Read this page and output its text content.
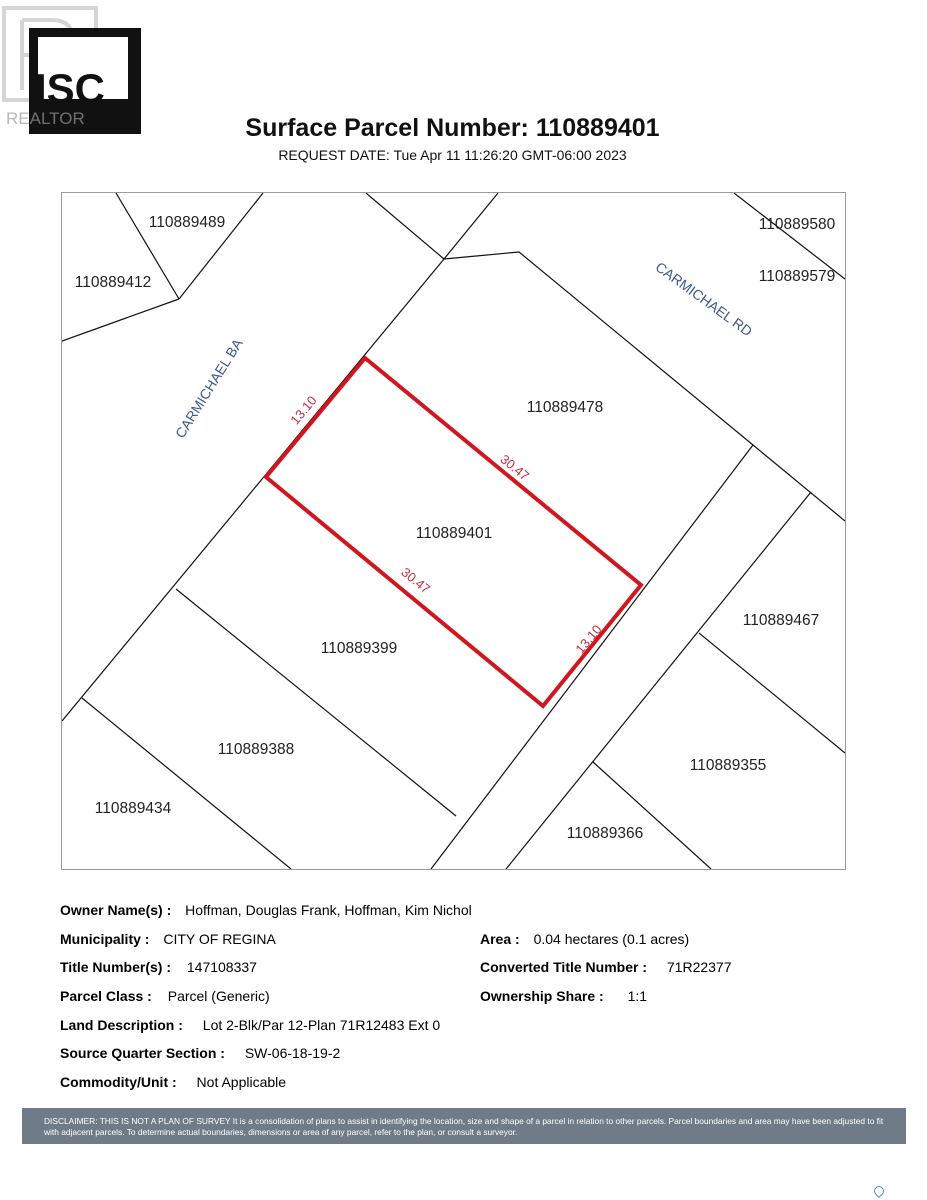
ISC
REALTOR	Surface Parcel Number: 110889401
REQUEST DATE: Tue Apr 11 11:26:20 GMT-06:00 2023
110889489
110889412
110889580
110889579
110889478
110889401
110889399
110889467
110889388
110889355
110889434
110889366
CARMICHAEL BA
CARMICHAEL RD
13.10
30.47
30.47
13.10
Owner Name(s) : Hoffman, Douglas Frank, Hoffman, Kim Nichol
Municipality : CITY OF REGINA	Area : 0.04 hectares (0.1 acres)
Title Number(s) : 147108337	Converted Title Number : 71R22377
Parcel Class : Parcel (Generic)	Ownership Share : 1:1
Land Description : Lot 2-Blk/Par 12-Plan 71R12483 Ext 0
Source Quarter Section : SW-06-18-19-2
Commodity/Unit : Not Applicable
DISCLAIMER: THIS IS NOT A PLAN OF SURVEY It is a consolidation of plans to assist in identifying the location, size and shape of a parcel in relation to other parcels. Parcel boundaries and area may have been adjusted to fit with adjacent parcels. To determine actual boundaries, dimensions or area of any parcel, refer to the plan, or consult a surveyor.
